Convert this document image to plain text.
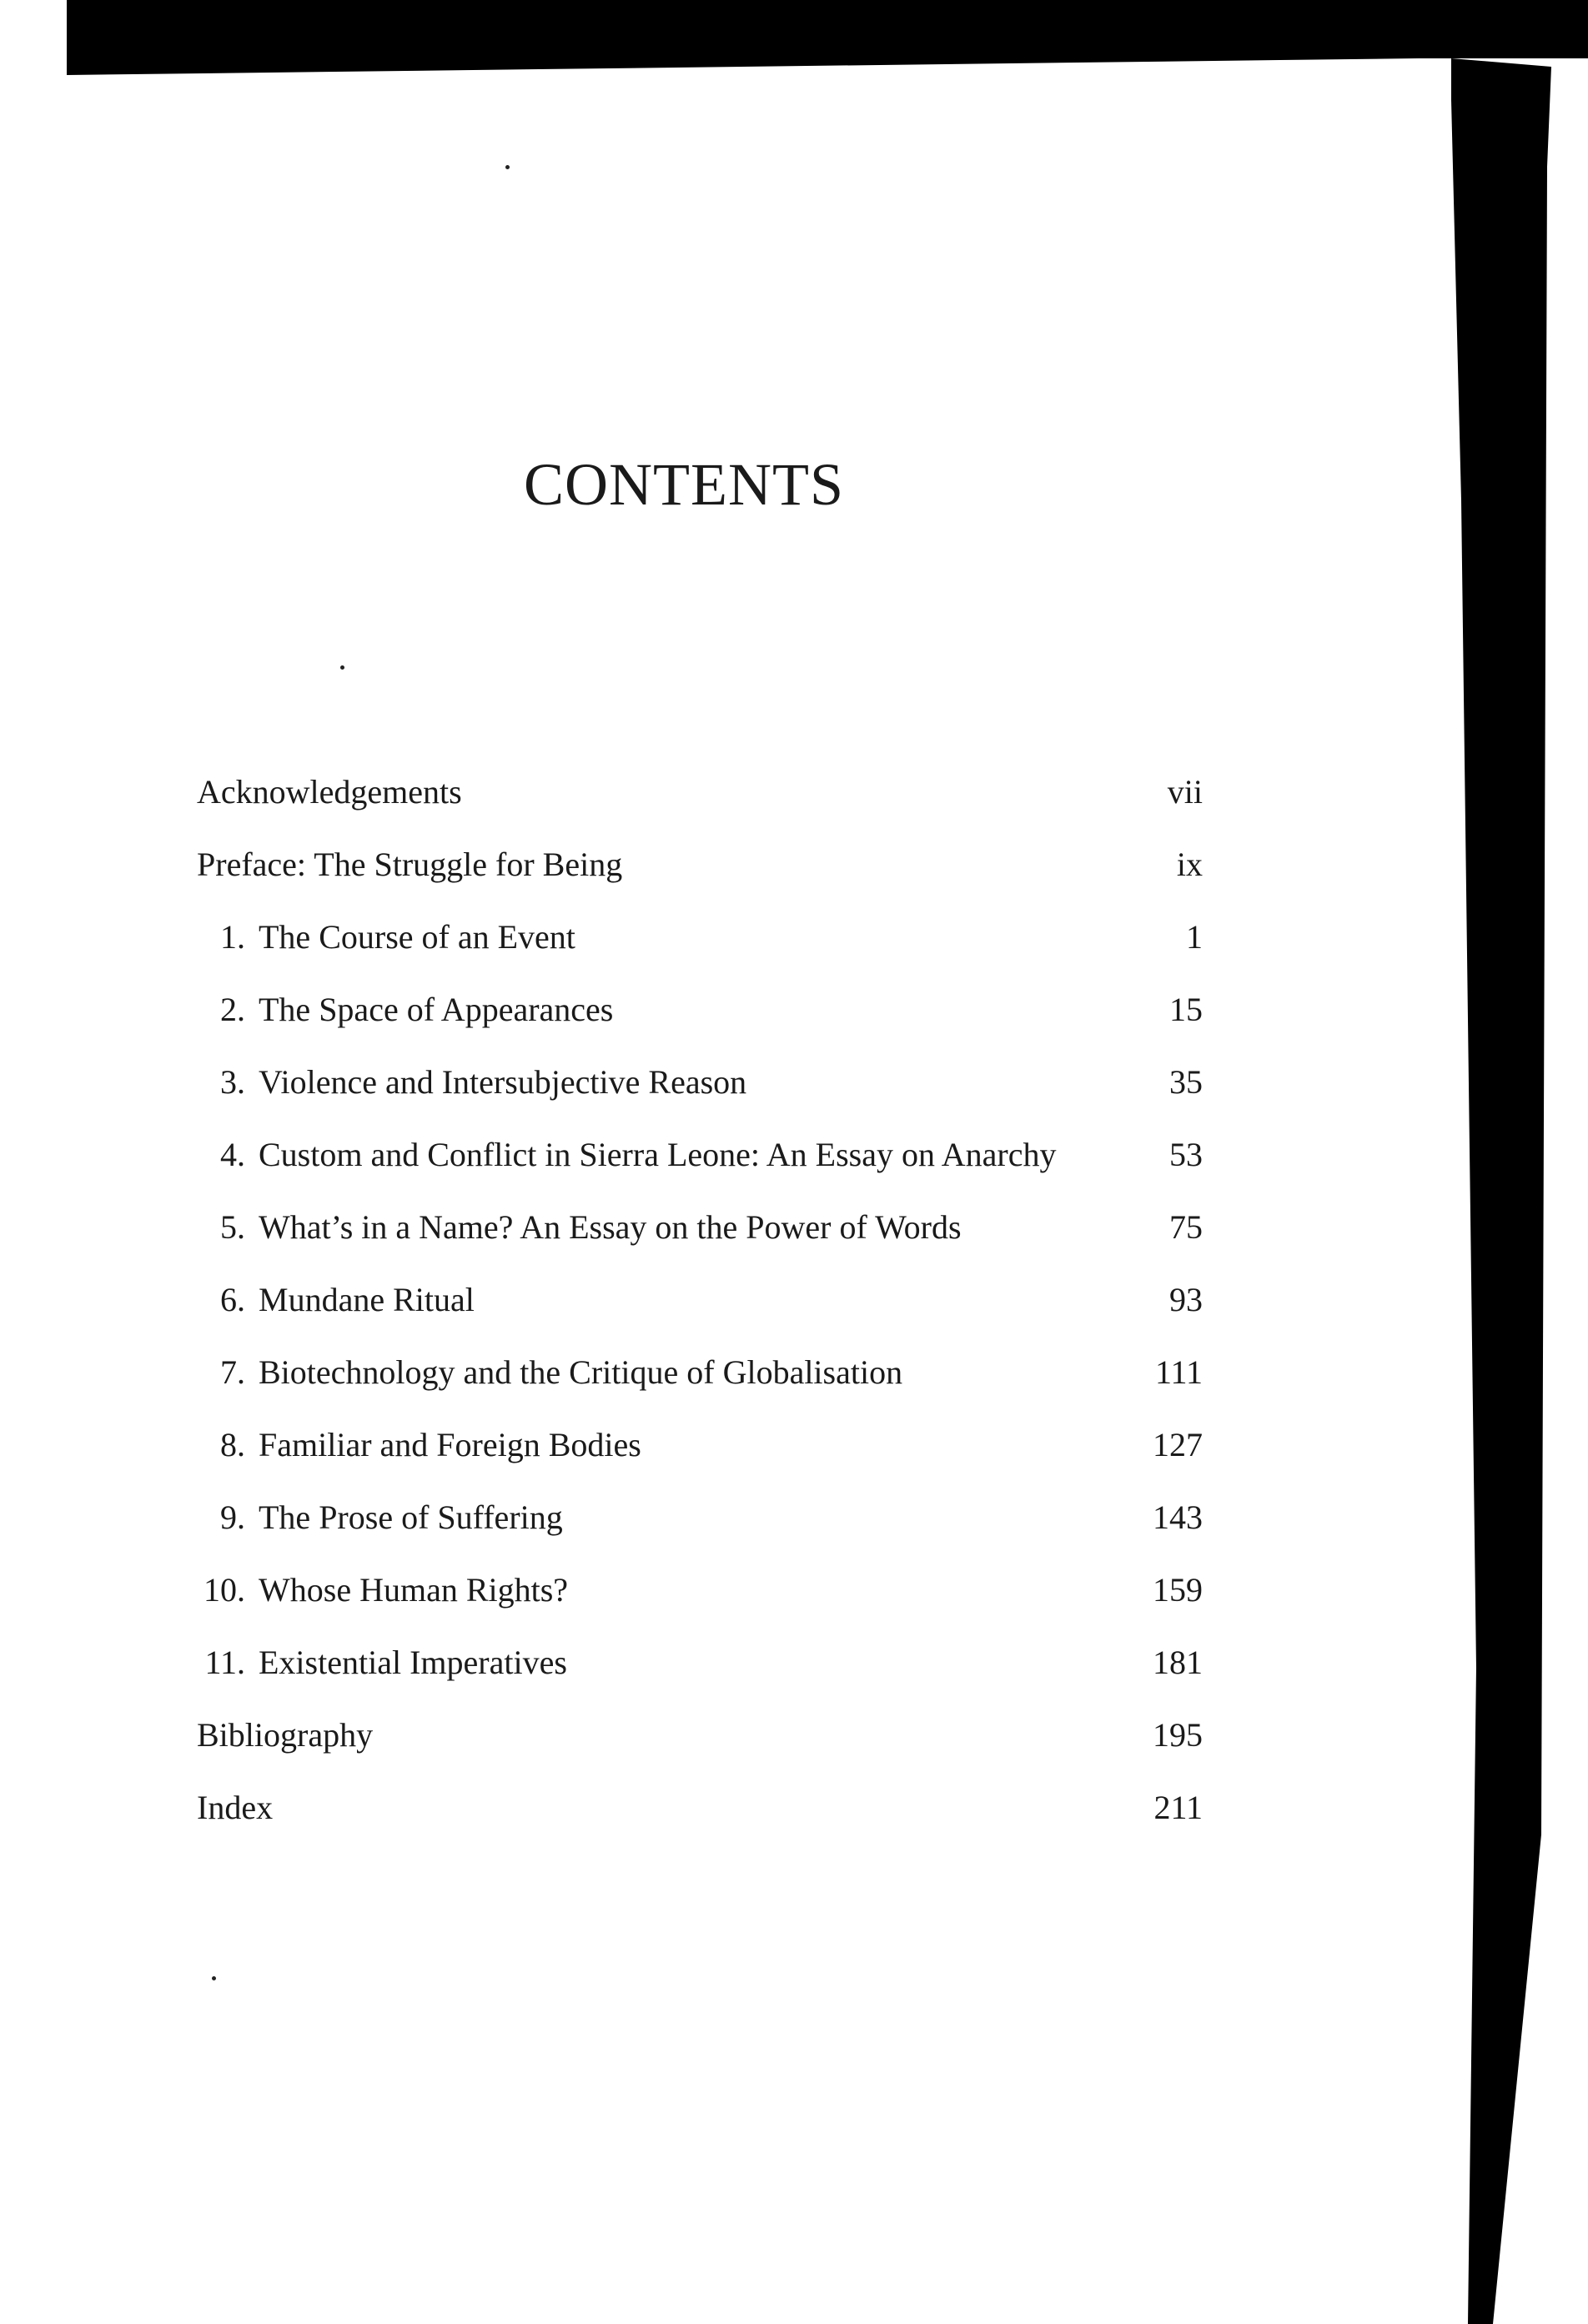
CONTENTS
Acknowledgements	vii
Preface: The Struggle for Being	ix
1. The Course of an Event	1
2. The Space of Appearances	15
3. Violence and Intersubjective Reason	35
4. Custom and Conflict in Sierra Leone: An Essay on Anarchy	53
5. What’s in a Name? An Essay on the Power of Words	75
6. Mundane Ritual	93
7. Biotechnology and the Critique of Globalisation	111
8. Familiar and Foreign Bodies	127
9. The Prose of Suffering	143
10. Whose Human Rights?	159
11. Existential Imperatives	181
Bibliography	195
Index	211
